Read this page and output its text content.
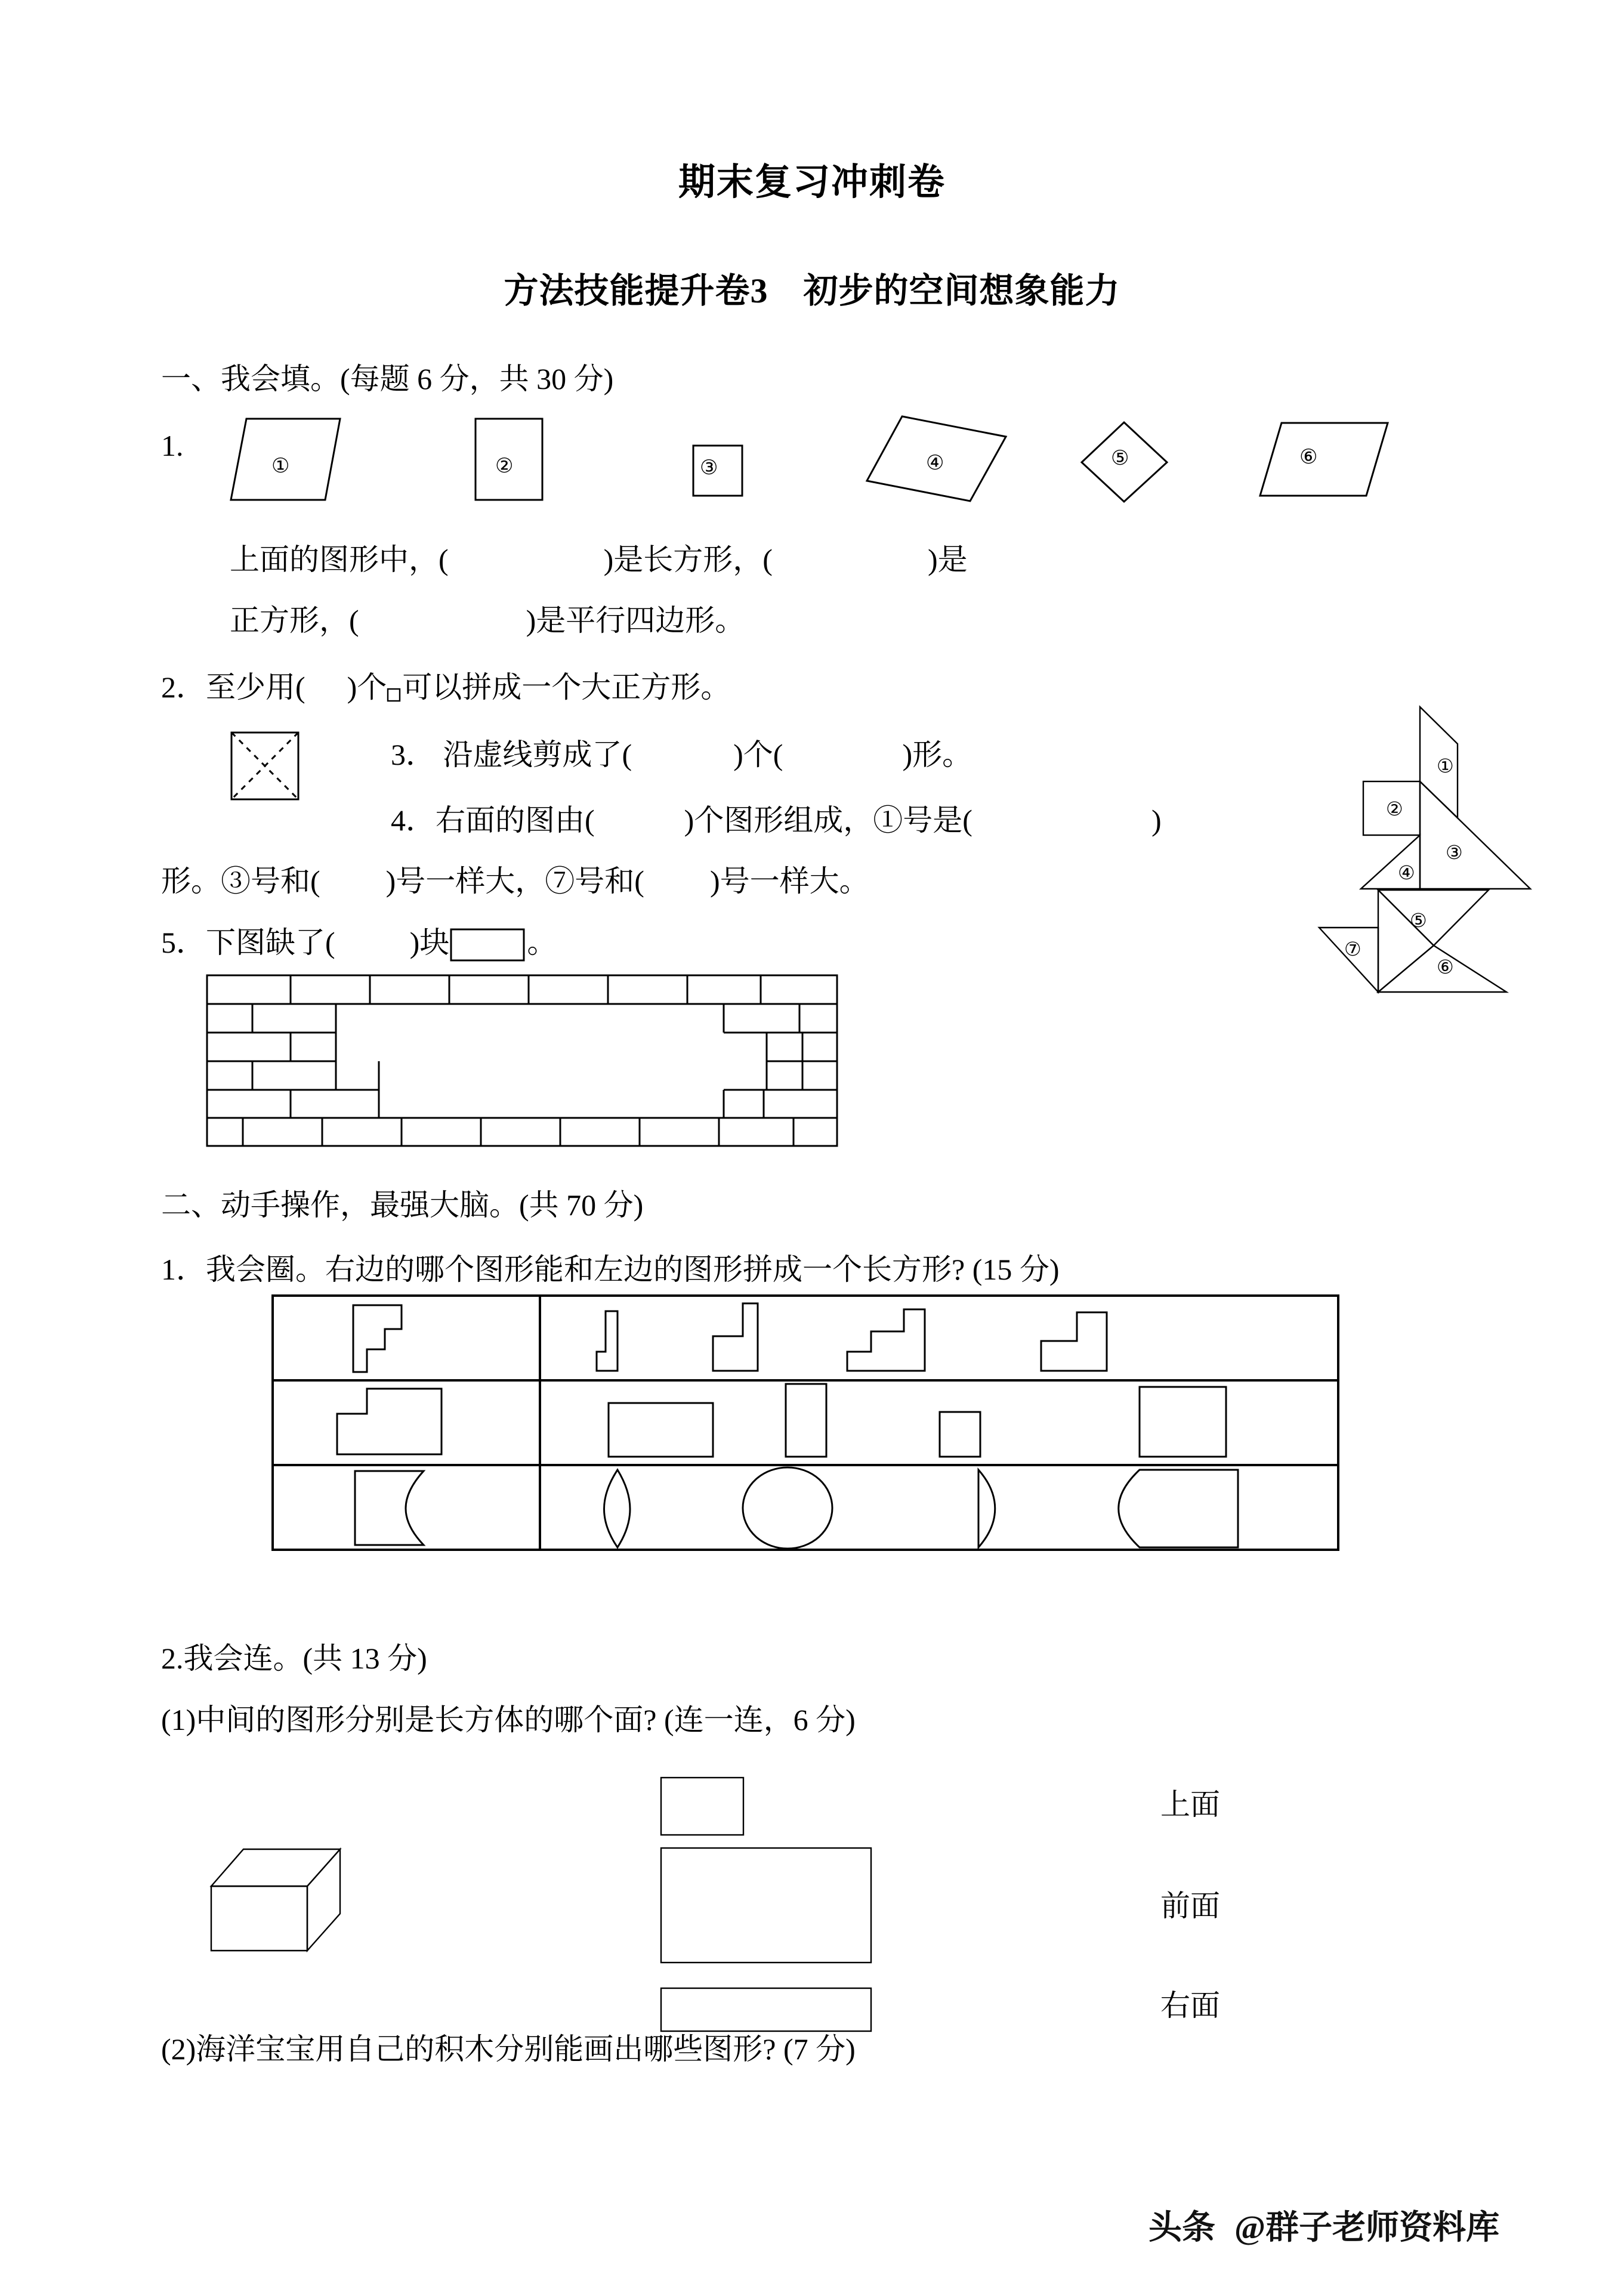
期末复习冲刺卷
方法技能提升卷3　初步的空间想象能力
一、我会填。(每题 6 分，共 30 分)
1.
①	②	③	④	⑤	⑥
上面的图形中，(	)是长方形，(	)是
正方形，(	)是平行四边形。
2．至少用( )个 可以拼成一个大正方形。
3． 沿虚线剪成了(	)个(	)形。
4．右面的图由(	)个图形组成，①号是(	)
形。③号和( )号一样大，⑦号和( )号一样大。
①
②
③
④
⑤
⑥
⑦
5．下图缺了(	)块	。
二、动手操作，最强大脑。(共 70 分)
1．我会圈。右边的哪个图形能和左边的图形拼成一个长方形? (15 分)
2.我会连。(共 13 分)
(1)中间的图形分别是长方体的哪个面? (连一连，6 分)
上面
前面
右面
(2)海洋宝宝用自己的积木分别能画出哪些图形? (7 分)
头条 @群子老师资料库
